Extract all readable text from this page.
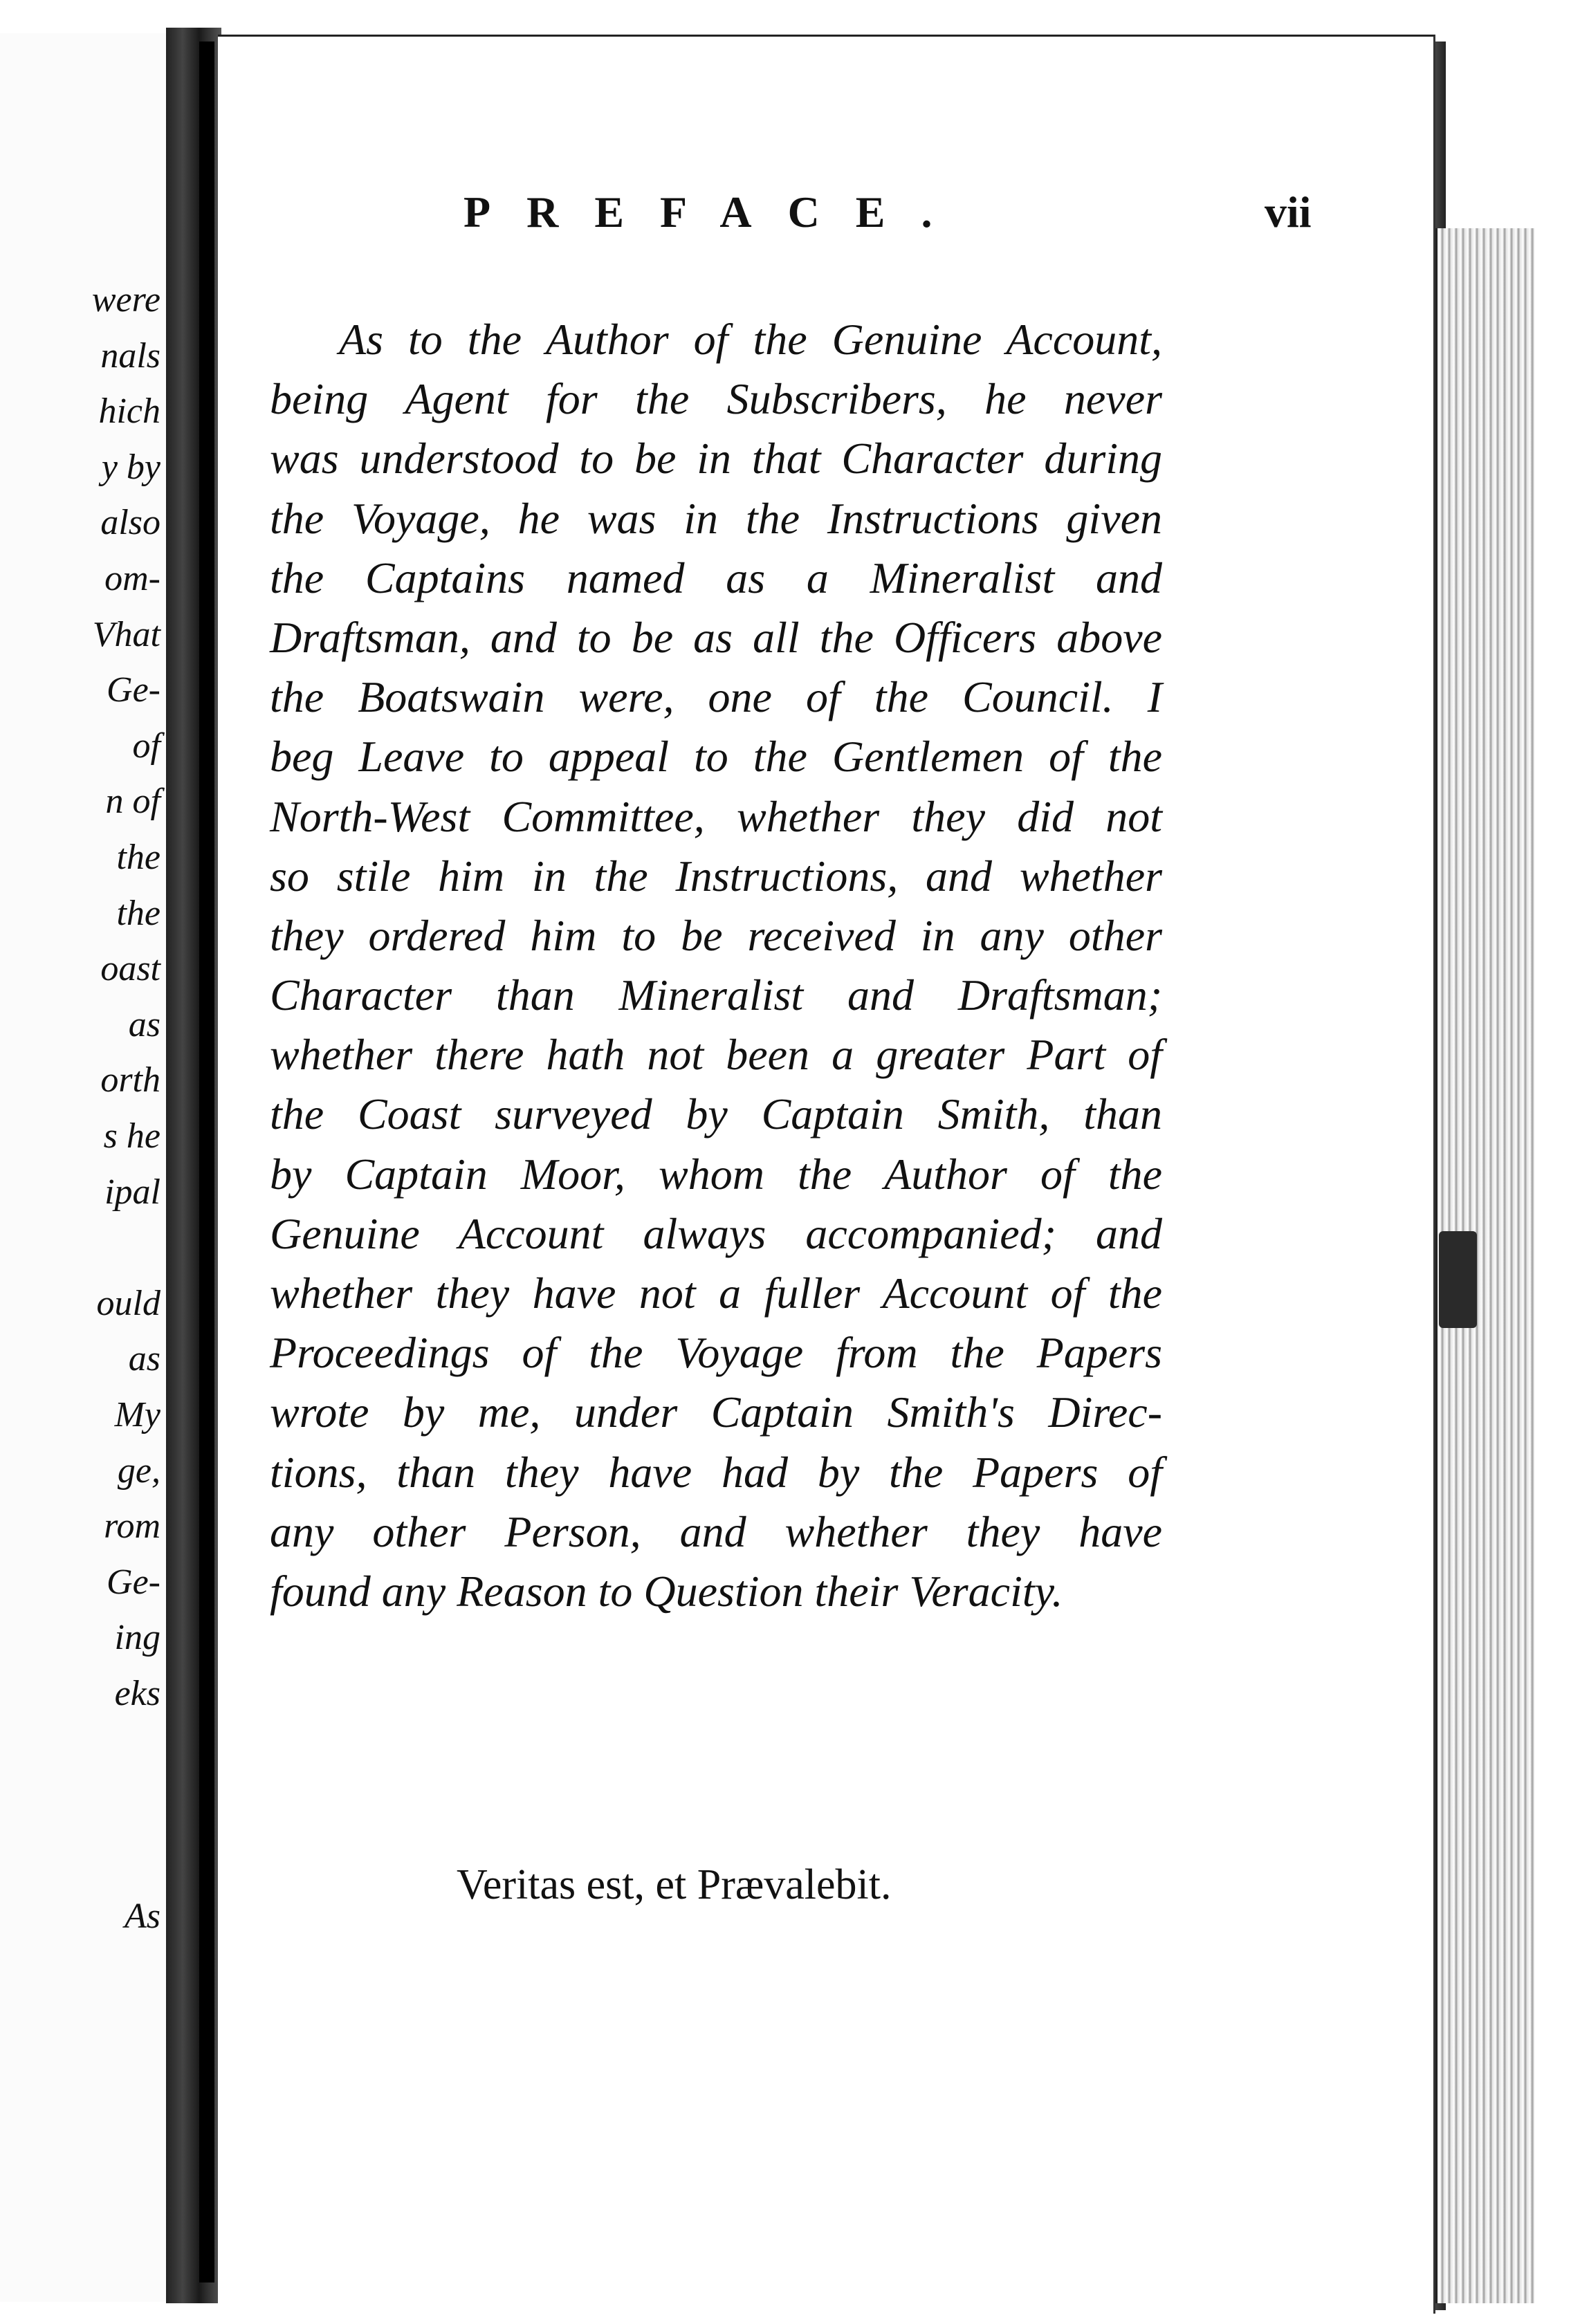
were
nals
hich
y by
also
om-
Vhat
Ge-
of
n of
the
the
oast
as
orth
s he
ipal
ould
as
My
ge,
rom
Ge-
ing
eks
As
PREFACE.	vii
As to the Author of the Genuine Account,
being Agent for the Subscribers, he never
was understood to be in that Character during
the Voyage, he was in the Instructions given
the Captains named as a Mineralist and
Draftsman, and to be as all the Officers above
the Boatswain were, one of the Council. I
beg Leave to appeal to the Gentlemen of the
North-West Committee, whether they did not
so stile him in the Instructions, and whether
they ordered him to be received in any other
Character than Mineralist and Draftsman;
whether there hath not been a greater Part of
the Coast surveyed by Captain Smith, than
by Captain Moor, whom the Author of the
Genuine Account always accompanied; and
whether they have not a fuller Account of the
Proceedings of the Voyage from the Papers
wrote by me, under Captain Smith's Direc-
tions, than they have had by the Papers of
any other Person, and whether they have
found any Reason to Question their Veracity.
Veritas est, et Prævalebit.
